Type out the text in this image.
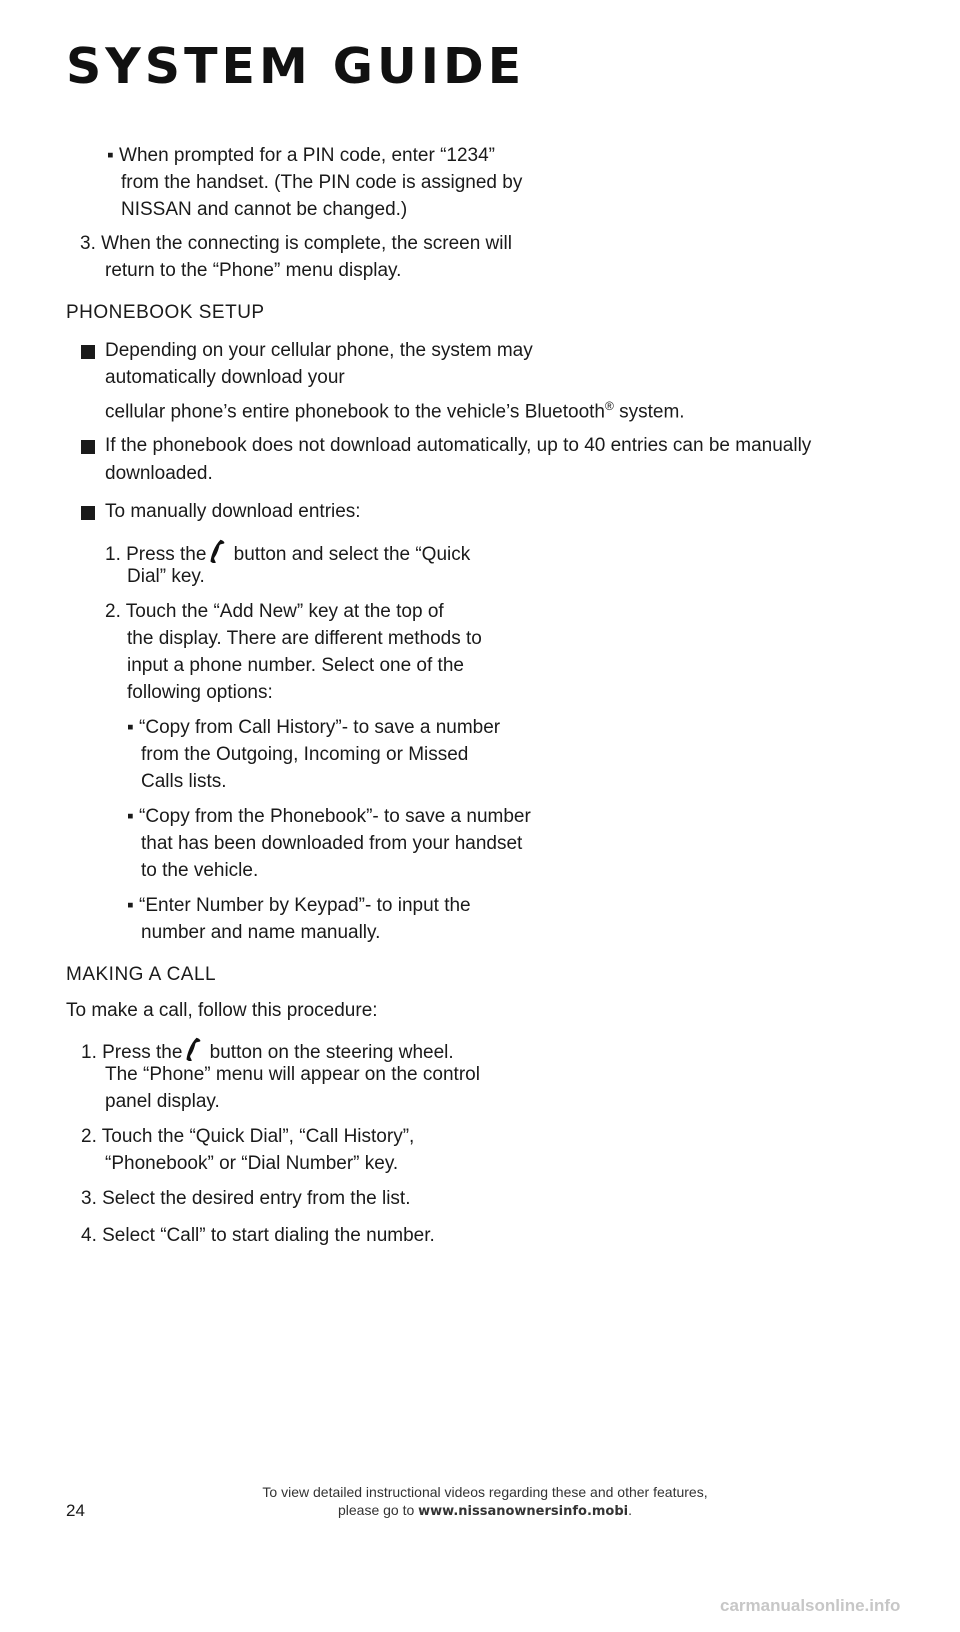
SYSTEM GUIDE
▪ When prompted for a PIN code, enter “1234”
from the handset. (The PIN code is assigned by
NISSAN and cannot be changed.)
3. When the connecting is complete, the screen will
return to the “Phone” menu display.
PHONEBOOK SETUP
Depending on your cellular phone, the system may
automatically download your
cellular phone’s entire phonebook to the vehicle’s Bluetooth® system.
If the phonebook does not download automatically, up to 40 entries can be manually
downloaded.
To manually download entries:
1. Press the button and select the “Quick
Dial” key.
2. Touch the “Add New” key at the top of
the display. There are different methods to
input a phone number. Select one of the
following options:
▪ “Copy from Call History”- to save a number
from the Outgoing, Incoming or Missed
Calls lists.
▪ “Copy from the Phonebook”- to save a number
that has been downloaded from your handset
to the vehicle.
▪ “Enter Number by Keypad”- to input the
number and name manually.
MAKING A CALL
To make a call, follow this procedure:
1. Press the button on the steering wheel.
The “Phone” menu will appear on the control
panel display.
2. Touch the “Quick Dial”, “Call History”,
“Phonebook” or “Dial Number” key.
3. Select the desired entry from the list.
4. Select “Call” to start dialing the number.
24
To view detailed instructional videos regarding these and other features,
please go to www.nissanownersinfo.mobi.
carmanualsonline.info
